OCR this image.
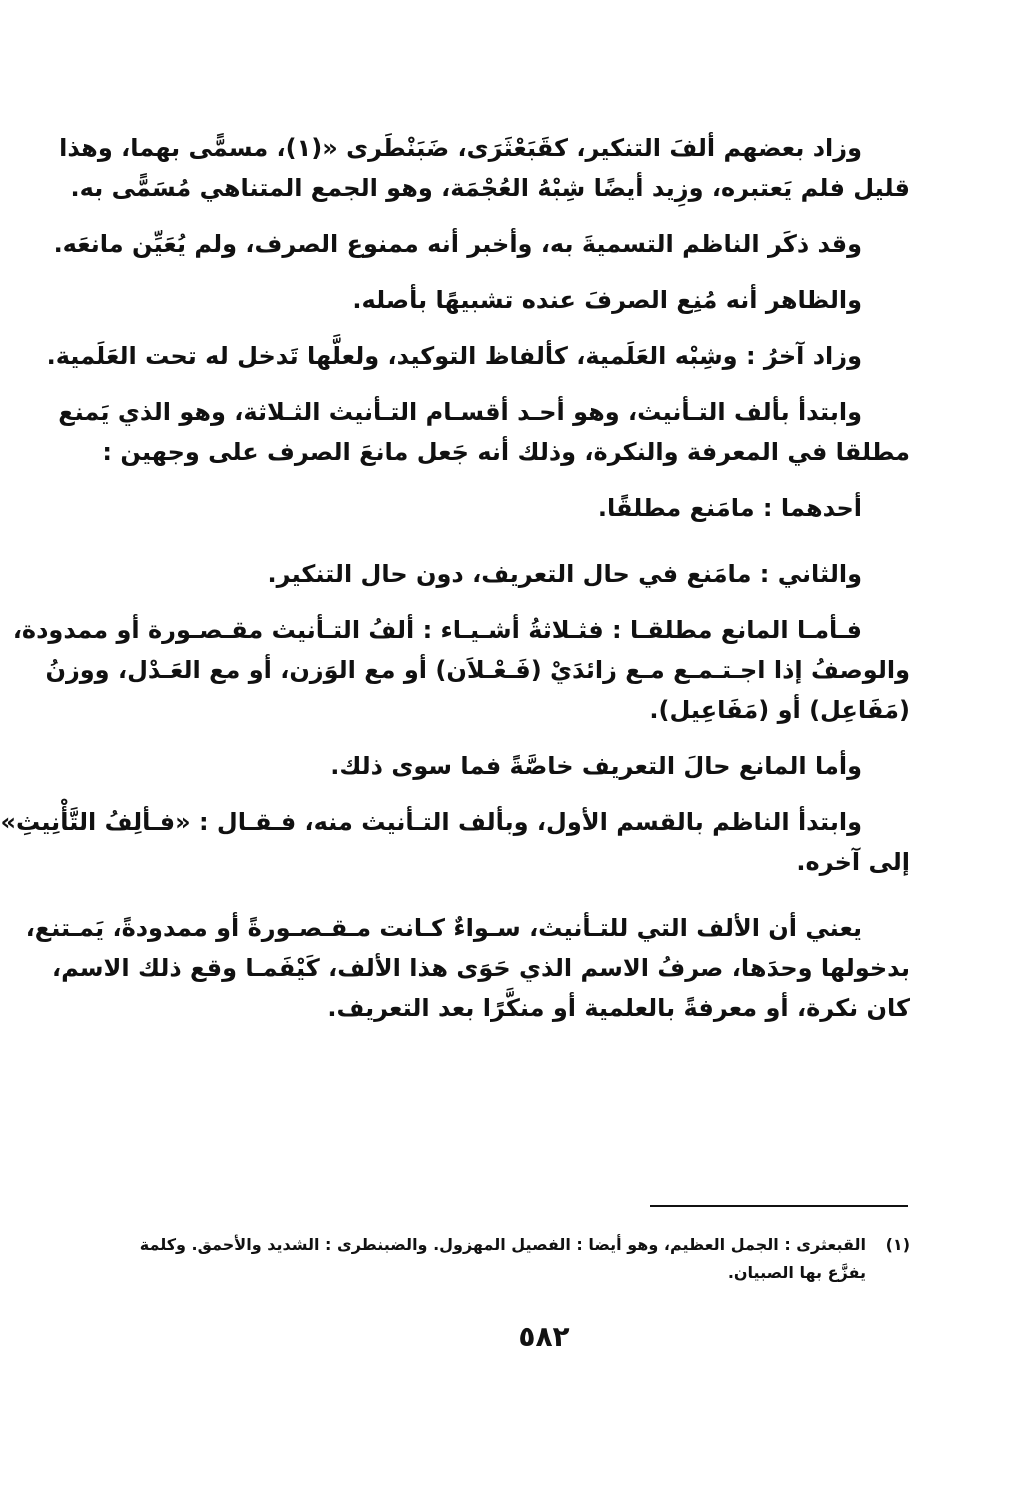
وزاد بعضهم ألفَ التنكير، كقَبَعْثَرَى، ضَبَنْطَرى «(١)، مسمًّى بهما، وهذا

قليل فلم يَعتبره، وزِيد أيضًا شِبْهُ العُجْمَة، وهو الجمع المتناهي مُسَمًّى به.

وقد ذكَر الناظم التسميةَ به، وأخبر أنه ممنوع الصرف، ولم يُعَيِّن مانعَه.

والظاهر أنه مُنِع الصرفَ عنده تشبيهًا بأصله.

وزاد آخرُ : وشِبْه العَلَمية، كألفاظ التوكيد، ولعلَّها تَدخل له تحت العَلَمية.

وابتدأ بألف التـأنيث، وهو أحـد أقسـام التـأنيث الثـلاثة، وهو الذي يَمنع

مطلقا في المعرفة والنكرة، وذلك أنه جَعل مانعَ الصرف على وجهين :

أحدهما : مامَنع مطلقًا.

والثاني : مامَنع في حال التعريف، دون حال التنكير.

فـأمـا المانع مطلقـا : فثـلاثةُ أشـيـاء : ألفُ التـأنيث مقـصـورة أو ممدودة،

والوصفُ إذا اجـتـمـع مـع زائدَيْ (فَـعْـلاَن) أو مع الوَزن، أو مع العَـدْل، ووزنُ

(مَفَاعِل) أو (مَفَاعِيل).

وأما المانع حالَ التعريف خاصَّةً فما سوى ذلك.

وابتدأ الناظم بالقسم الأول، وبألف التـأنيث منه، فـقـال : «فـألِفُ التَّأْنِيثِ»

إلى آخره.

يعني أن الألف التي للتـأنيث، سـواءٌ كـانت مـقـصـورةً أو ممدودةً، يَمـتنع،

بدخولها وحدَها، صرفُ الاسم الذي حَوَى هذا الألف، كَيْفَمـا وقع ذلك الاسم،

كان نكرة، أو معرفةً بالعلمية أو منكَّرًا بعد التعريف.

(١)القبعثرى : الجمل العظيم، وهو أيضا : الفصيل المهزول. والضبنطرى : الشديد والأحمق. وكلمة
يفزَّع بها الصبيان.
٥٨٢
